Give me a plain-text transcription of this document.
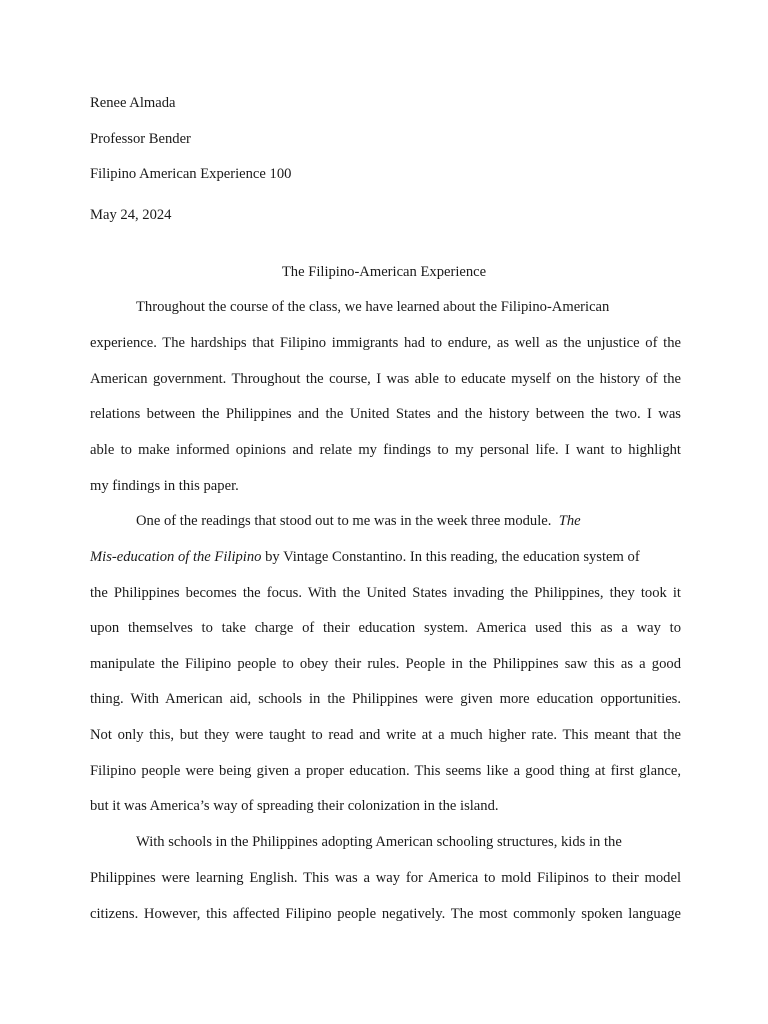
Renee Almada
Professor Bender
Filipino American Experience 100
May 24, 2024
The Filipino-American Experience
Throughout the course of the class, we have learned about the Filipino-American
experience. The hardships that Filipino immigrants had to endure, as well as the unjustice of the
American government. Throughout the course, I was able to educate myself on the history of the
relations between the Philippines and the United States and the history between the two. I was
able to make informed opinions and relate my findings to my personal life. I want to highlight
my findings in this paper.
One of the readings that stood out to me was in the week three module. The
Mis-education of the Filipino by Vintage Constantino. In this reading, the education system of
the Philippines becomes the focus. With the United States invading the Philippines, they took it
upon themselves to take charge of their education system. America used this as a way to
manipulate the Filipino people to obey their rules. People in the Philippines saw this as a good
thing. With American aid, schools in the Philippines were given more education opportunities.
Not only this, but they were taught to read and write at a much higher rate. This meant that the
Filipino people were being given a proper education. This seems like a good thing at first glance,
but it was America’s way of spreading their colonization in the island.
With schools in the Philippines adopting American schooling structures, kids in the
Philippines were learning English. This was a way for America to mold Filipinos to their model
citizens. However, this affected Filipino people negatively. The most commonly spoken language
